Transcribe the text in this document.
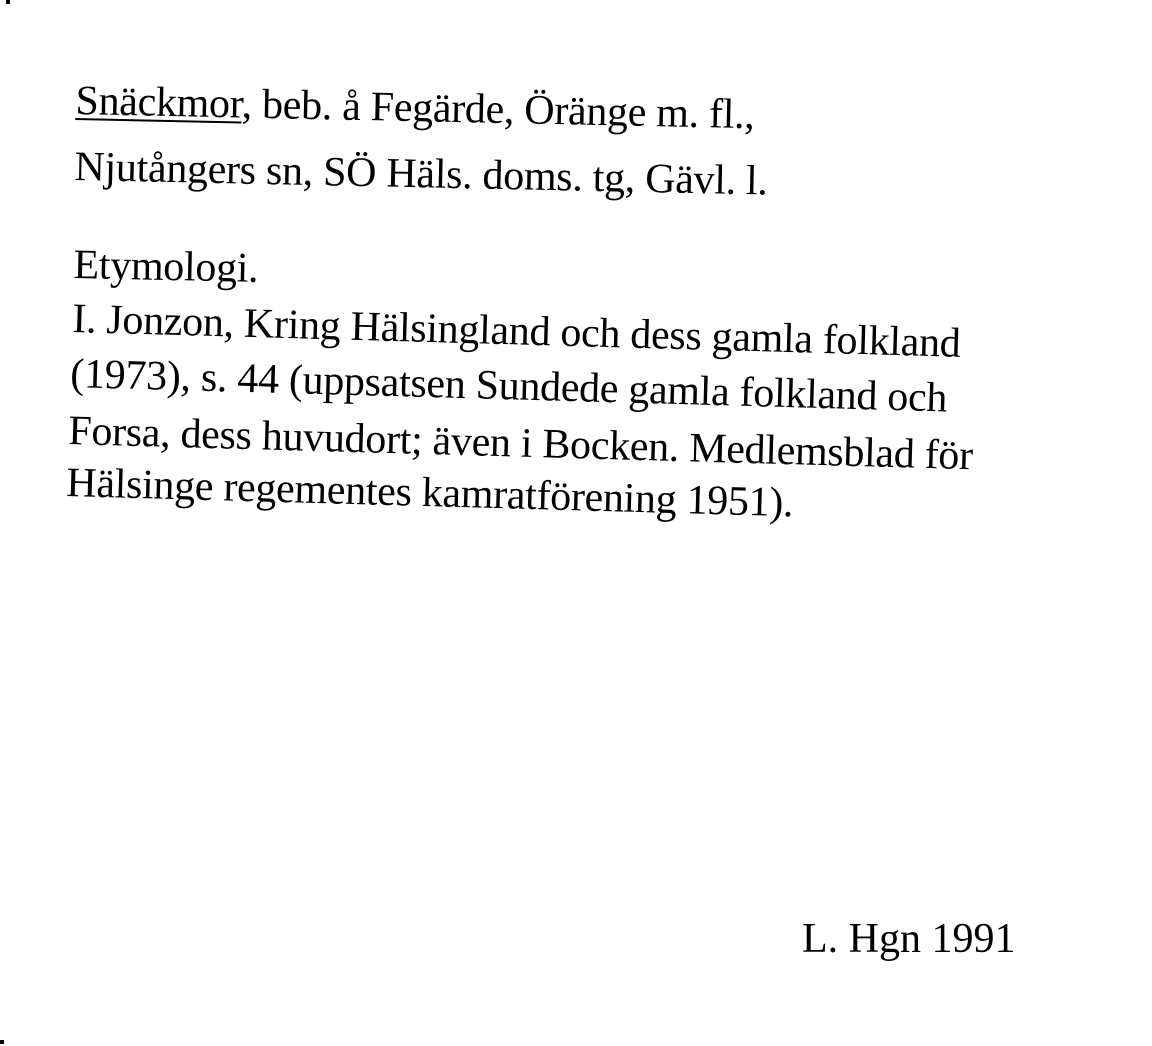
Snäckmor, beb. å Fegärde, Öränge m. fl.,
Njutångers sn, SÖ Häls. doms. tg, Gävl. l.
Etymologi.
I. Jonzon, Kring Hälsingland och dess gamla folkland
(1973), s. 44 (uppsatsen Sundede gamla folkland och
Forsa, dess huvudort; även i Bocken. Medlemsblad för
Hälsinge regementes kamratförening 1951).
L. Hgn 1991
